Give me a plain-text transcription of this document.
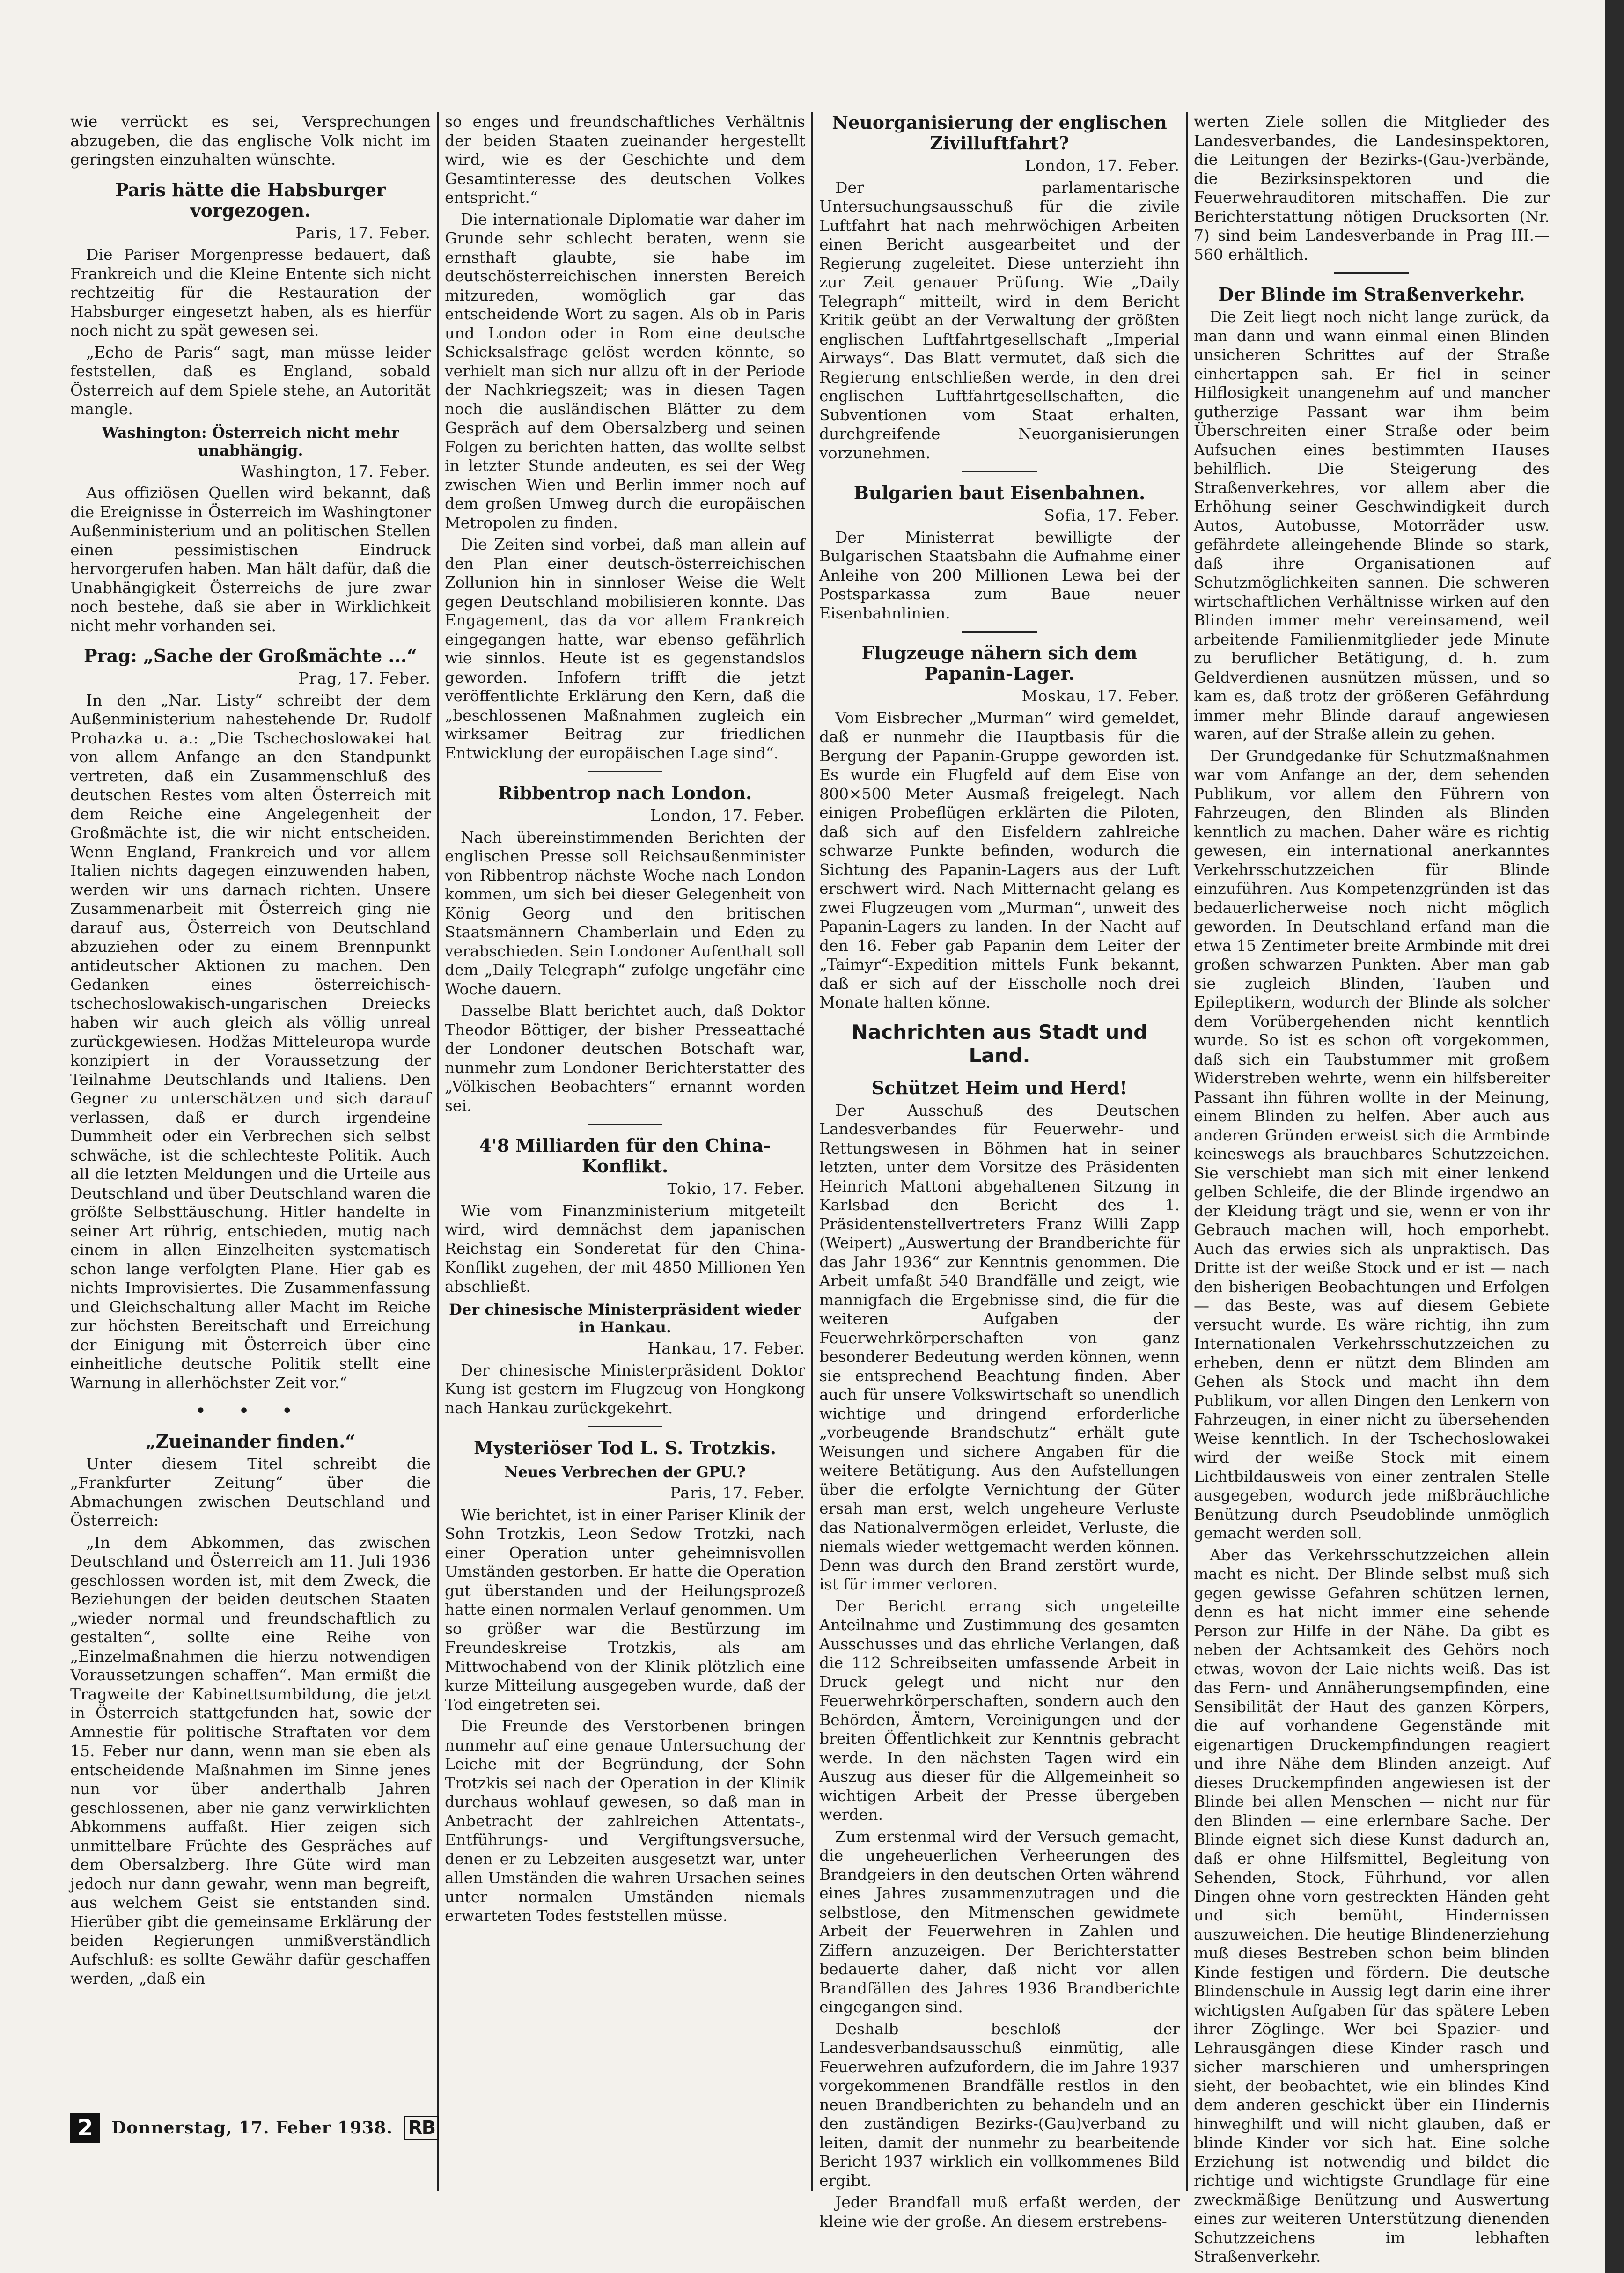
wie verrückt es sei, Versprechungen abzugeben, die das englische Volk nicht im geringsten einzuhalten wünschte.

Paris hätte die Habsburger vorgezogen.
Paris, 17. Feber.

Die Pariser Morgenpresse bedauert, daß Frankreich und die Kleine Entente sich nicht rechtzeitig für die Restauration der Habsburger eingesetzt haben, als es hierfür noch nicht zu spät gewesen sei.

„Echo de Paris“ sagt, man müsse leider feststellen, daß es England, sobald Österreich auf dem Spiele stehe, an Autorität mangle.

Washington: Österreich nicht mehr unabhängig.
Washington, 17. Feber.

Aus offiziösen Quellen wird bekannt, daß die Ereignisse in Österreich im Washingtoner Außenministerium und an politischen Stellen einen pessimistischen Eindruck hervorgerufen haben. Man hält dafür, daß die Unabhängigkeit Österreichs de jure zwar noch bestehe, daß sie aber in Wirklichkeit nicht mehr vorhanden sei.

Prag: „Sache der Großmächte ...“
Prag, 17. Feber.

In den „Nar. Listy“ schreibt der dem Außenministerium nahestehende Dr. Rudolf Prohazka u. a.: „Die Tschechoslowakei hat von allem Anfange an den Standpunkt vertreten, daß ein Zusammenschluß des deutschen Restes vom alten Österreich mit dem Reiche eine Angelegenheit der Großmächte ist, die wir nicht entscheiden. Wenn England, Frankreich und vor allem Italien nichts dagegen einzuwenden haben, werden wir uns darnach richten. Unsere Zusammenarbeit mit Österreich ging nie darauf aus, Österreich von Deutschland abzuziehen oder zu einem Brennpunkt antideutscher Aktionen zu machen. Den Gedanken eines österreichisch-tschechoslowakisch-ungarischen Dreiecks haben wir auch gleich als völlig unreal zurückgewiesen. Hodžas Mitteleuropa wurde konzipiert in der Voraussetzung der Teilnahme Deutschlands und Italiens. Den Gegner zu unterschätzen und sich darauf verlassen, daß er durch irgendeine Dummheit oder ein Verbrechen sich selbst schwäche, ist die schlechteste Politik. Auch all die letzten Meldungen und die Urteile aus Deutschland und über Deutschland waren die größte Selbsttäuschung. Hitler handelte in seiner Art rührig, entschieden, mutig nach einem in allen Einzelheiten systematisch schon lange verfolgten Plane. Hier gab es nichts Improvisiertes. Die Zusammenfassung und Gleichschaltung aller Macht im Reiche zur höchsten Bereitschaft und Erreichung der Einigung mit Österreich über eine einheitliche deutsche Politik stellt eine Warnung in allerhöchster Zeit vor.“

• • •
„Zueinander finden.“

Unter diesem Titel schreibt die „Frankfurter Zeitung“ über die Abmachungen zwischen Deutschland und Österreich:

„In dem Abkommen, das zwischen Deutschland und Österreich am 11. Juli 1936 geschlossen worden ist, mit dem Zweck, die Beziehungen der beiden deutschen Staaten „wieder normal und freundschaftlich zu gestalten“, sollte eine Reihe von „Einzelmaßnahmen die hierzu notwendigen Voraussetzungen schaffen“. Man ermißt die Tragweite der Kabinettsumbildung, die jetzt in Österreich stattgefunden hat, sowie der Amnestie für politische Straftaten vor dem 15. Feber nur dann, wenn man sie eben als entscheidende Maßnahmen im Sinne jenes nun vor über anderthalb Jahren geschlossenen, aber nie ganz verwirklichten Abkommens auffaßt. Hier zeigen sich unmittelbare Früchte des Gespräches auf dem Obersalzberg. Ihre Güte wird man jedoch nur dann gewahr, wenn man begreift, aus welchem Geist sie entstanden sind. Hierüber gibt die gemeinsame Erklärung der beiden Regierungen unmißverständlich Aufschluß: es sollte Gewähr dafür geschaffen werden, „daß ein

so enges und freundschaftliches Verhältnis der beiden Staaten zueinander hergestellt wird, wie es der Geschichte und dem Gesamtinteresse des deutschen Volkes entspricht.“

Die internationale Diplomatie war daher im Grunde sehr schlecht beraten, wenn sie ernsthaft glaubte, sie habe im deutschösterreichischen innersten Bereich mitzureden, womöglich gar das entscheidende Wort zu sagen. Als ob in Paris und London oder in Rom eine deutsche Schicksalsfrage gelöst werden könnte, so verhielt man sich nur allzu oft in der Periode der Nachkriegszeit; was in diesen Tagen noch die ausländischen Blätter zu dem Gespräch auf dem Obersalzberg und seinen Folgen zu berichten hatten, das wollte selbst in letzter Stunde andeuten, es sei der Weg zwischen Wien und Berlin immer noch auf dem großen Umweg durch die europäischen Metropolen zu finden.

Die Zeiten sind vorbei, daß man allein auf den Plan einer deutsch-österreichischen Zollunion hin in sinnloser Weise die Welt gegen Deutschland mobilisieren konnte. Das Engagement, das da vor allem Frankreich eingegangen hatte, war ebenso gefährlich wie sinnlos. Heute ist es gegenstandslos geworden. Infofern trifft die jetzt veröffentlichte Erklärung den Kern, daß die „beschlossenen Maßnahmen zugleich ein wirksamer Beitrag zur friedlichen Entwicklung der europäischen Lage sind“.

Ribbentrop nach London.
London, 17. Feber.

Nach übereinstimmenden Berichten der englischen Presse soll Reichsaußenminister von Ribbentrop nächste Woche nach London kommen, um sich bei dieser Gelegenheit von König Georg und den britischen Staatsmännern Chamberlain und Eden zu verabschieden. Sein Londoner Aufenthalt soll dem „Daily Telegraph“ zufolge ungefähr eine Woche dauern.

Dasselbe Blatt berichtet auch, daß Doktor Theodor Böttiger, der bisher Presseattaché der Londoner deutschen Botschaft war, nunmehr zum Londoner Berichterstatter des „Völkischen Beobachters“ ernannt worden sei.

4'8 Milliarden für den China-Konflikt.
Tokio, 17. Feber.

Wie vom Finanzministerium mitgeteilt wird, wird demnächst dem japanischen Reichstag ein Sonderetat für den China-Konflikt zugehen, der mit 4850 Millionen Yen abschließt.

Der chinesische Ministerpräsident wieder in Hankau.
Hankau, 17. Feber.

Der chinesische Ministerpräsident Doktor Kung ist gestern im Flugzeug von Hongkong nach Hankau zurückgekehrt.

Mysteriöser Tod L. S. Trotzkis.
Neues Verbrechen der GPU.?
Paris, 17. Feber.

Wie berichtet, ist in einer Pariser Klinik der Sohn Trotzkis, Leon Sedow Trotzki, nach einer Operation unter geheimnisvollen Umständen gestorben. Er hatte die Operation gut überstanden und der Heilungsprozeß hatte einen normalen Verlauf genommen. Um so größer war die Bestürzung im Freundeskreise Trotzkis, als am Mittwochabend von der Klinik plötzlich eine kurze Mitteilung ausgegeben wurde, daß der Tod eingetreten sei.

Die Freunde des Verstorbenen bringen nunmehr auf eine genaue Untersuchung der Leiche mit der Begründung, der Sohn Trotzkis sei nach der Operation in der Klinik durchaus wohlauf gewesen, so daß man in Anbetracht der zahlreichen Attentats-, Entführungs- und Vergiftungsversuche, denen er zu Lebzeiten ausgesetzt war, unter allen Umständen die wahren Ursachen seines unter normalen Umständen niemals erwarteten Todes feststellen müsse.

Neuorganisierung der englischen Zivilluftfahrt?
London, 17. Feber.

Der parlamentarische Untersuchungsausschuß für die zivile Luftfahrt hat nach mehrwöchigen Arbeiten einen Bericht ausgearbeitet und der Regierung zugeleitet. Diese unterzieht ihn zur Zeit genauer Prüfung. Wie „Daily Telegraph“ mitteilt, wird in dem Bericht Kritik geübt an der Verwaltung der größten englischen Luftfahrtgesellschaft „Imperial Airways“. Das Blatt vermutet, daß sich die Regierung entschließen werde, in den drei englischen Luftfahrtgesellschaften, die Subventionen vom Staat erhalten, durchgreifende Neuorganisierungen vorzunehmen.

Bulgarien baut Eisenbahnen.
Sofia, 17. Feber.

Der Ministerrat bewilligte der Bulgarischen Staatsbahn die Aufnahme einer Anleihe von 200 Millionen Lewa bei der Postsparkassa zum Baue neuer Eisenbahnlinien.

Flugzeuge nähern sich dem Papanin-Lager.
Moskau, 17. Feber.

Vom Eisbrecher „Murman“ wird gemeldet, daß er nunmehr die Hauptbasis für die Bergung der Papanin-Gruppe geworden ist. Es wurde ein Flugfeld auf dem Eise von 800×500 Meter Ausmaß freigelegt. Nach einigen Probeflügen erklärten die Piloten, daß sich auf den Eisfeldern zahlreiche schwarze Punkte befinden, wodurch die Sichtung des Papanin-Lagers aus der Luft erschwert wird. Nach Mitternacht gelang es zwei Flugzeugen vom „Murman“, unweit des Papanin-Lagers zu landen. In der Nacht auf den 16. Feber gab Papanin dem Leiter der „Taimyr“-Expedition mittels Funk bekannt, daß er sich auf der Eisscholle noch drei Monate halten könne.

Nachrichten aus Stadt und Land.
Schützet Heim und Herd!

Der Ausschuß des Deutschen Landesverbandes für Feuerwehr- und Rettungswesen in Böhmen hat in seiner letzten, unter dem Vorsitze des Präsidenten Heinrich Mattoni abgehaltenen Sitzung in Karlsbad den Bericht des 1. Präsidentenstellvertreters Franz Willi Zapp (Weipert) „Auswertung der Brandberichte für das Jahr 1936“ zur Kenntnis genommen. Die Arbeit umfaßt 540 Brandfälle und zeigt, wie mannigfach die Ergebnisse sind, die für die weiteren Aufgaben der Feuerwehrkörperschaften von ganz besonderer Bedeutung werden können, wenn sie entsprechend Beachtung finden. Aber auch für unsere Volkswirtschaft so unendlich wichtige und dringend erforderliche „vorbeugende Brandschutz“ erhält gute Weisungen und sichere Angaben für die weitere Betätigung. Aus den Aufstellungen über die erfolgte Vernichtung der Güter ersah man erst, welch ungeheure Verluste das Nationalvermögen erleidet, Verluste, die niemals wieder wettgemacht werden können. Denn was durch den Brand zerstört wurde, ist für immer verloren.

Der Bericht errang sich ungeteilte Anteilnahme und Zustimmung des gesamten Ausschusses und das ehrliche Verlangen, daß die 112 Schreibseiten umfassende Arbeit in Druck gelegt und nicht nur den Feuerwehrkörperschaften, sondern auch den Behörden, Ämtern, Vereinigungen und der breiten Öffentlichkeit zur Kenntnis gebracht werde. In den nächsten Tagen wird ein Auszug aus dieser für die Allgemeinheit so wichtigen Arbeit der Presse übergeben werden.

Zum erstenmal wird der Versuch gemacht, die ungeheuerlichen Verheerungen des Brandgeiers in den deutschen Orten während eines Jahres zusammenzutragen und die selbstlose, den Mitmenschen gewidmete Arbeit der Feuerwehren in Zahlen und Ziffern anzuzeigen. Der Berichterstatter bedauerte daher, daß nicht vor allen Brandfällen des Jahres 1936 Brandberichte eingegangen sind.

Deshalb beschloß der Landesverbandsausschuß einmütig, alle Feuerwehren aufzufordern, die im Jahre 1937 vorgekommenen Brandfälle restlos in den neuen Brandberichten zu behandeln und an den zuständigen Bezirks-(Gau)verband zu leiten, damit der nunmehr zu bearbeitende Bericht 1937 wirklich ein vollkommenes Bild ergibt.

Jeder Brandfall muß erfaßt werden, der kleine wie der große. An diesem erstrebens-

werten Ziele sollen die Mitglieder des Landesverbandes, die Landesinspektoren, die Leitungen der Bezirks-(Gau-)verbände, die Bezirksinspektoren und die Feuerwehrauditoren mitschaffen. Die zur Berichterstattung nötigen Drucksorten (Nr. 7) sind beim Landesverbande in Prag III.—560 erhältlich.

Der Blinde im Straßenverkehr.

Die Zeit liegt noch nicht lange zurück, da man dann und wann einmal einen Blinden unsicheren Schrittes auf der Straße einhertappen sah. Er fiel in seiner Hilflosigkeit unangenehm auf und mancher gutherzige Passant war ihm beim Überschreiten einer Straße oder beim Aufsuchen eines bestimmten Hauses behilflich. Die Steigerung des Straßenverkehres, vor allem aber die Erhöhung seiner Geschwindigkeit durch Autos, Autobusse, Motorräder usw. gefährdete alleingehende Blinde so stark, daß ihre Organisationen auf Schutzmöglichkeiten sannen. Die schweren wirtschaftlichen Verhältnisse wirken auf den Blinden immer mehr vereinsamend, weil arbeitende Familienmitglieder jede Minute zu beruflicher Betätigung, d. h. zum Geldverdienen ausnützen müssen, und so kam es, daß trotz der größeren Gefährdung immer mehr Blinde darauf angewiesen waren, auf der Straße allein zu gehen.

Der Grundgedanke für Schutzmaßnahmen war vom Anfange an der, dem sehenden Publikum, vor allem den Führern von Fahrzeugen, den Blinden als Blinden kenntlich zu machen. Daher wäre es richtig gewesen, ein international anerkanntes Verkehrsschutzzeichen für Blinde einzuführen. Aus Kompetenzgründen ist das bedauerlicherweise noch nicht möglich geworden. In Deutschland erfand man die etwa 15 Zentimeter breite Armbinde mit drei großen schwarzen Punkten. Aber man gab sie zugleich Blinden, Tauben und Epileptikern, wodurch der Blinde als solcher dem Vorübergehenden nicht kenntlich wurde. So ist es schon oft vorgekommen, daß sich ein Taubstummer mit großem Widerstreben wehrte, wenn ein hilfsbereiter Passant ihn führen wollte in der Meinung, einem Blinden zu helfen. Aber auch aus anderen Gründen erweist sich die Armbinde keineswegs als brauchbares Schutzzeichen. Sie verschiebt man sich mit einer lenkend gelben Schleife, die der Blinde irgendwo an der Kleidung trägt und sie, wenn er von ihr Gebrauch machen will, hoch emporhebt. Auch das erwies sich als unpraktisch. Das Dritte ist der weiße Stock und er ist — nach den bisherigen Beobachtungen und Erfolgen — das Beste, was auf diesem Gebiete versucht wurde. Es wäre richtig, ihn zum Internationalen Verkehrsschutzzeichen zu erheben, denn er nützt dem Blinden am Gehen als Stock und macht ihn dem Publikum, vor allen Dingen den Lenkern von Fahrzeugen, in einer nicht zu übersehenden Weise kenntlich. In der Tschechoslowakei wird der weiße Stock mit einem Lichtbildausweis von einer zentralen Stelle ausgegeben, wodurch jede mißbräuchliche Benützung durch Pseudoblinde unmöglich gemacht werden soll.

Aber das Verkehrsschutzzeichen allein macht es nicht. Der Blinde selbst muß sich gegen gewisse Gefahren schützen lernen, denn es hat nicht immer eine sehende Person zur Hilfe in der Nähe. Da gibt es neben der Achtsamkeit des Gehörs noch etwas, wovon der Laie nichts weiß. Das ist das Fern- und Annäherungsempfinden, eine Sensibilität der Haut des ganzen Körpers, die auf vorhandene Gegenstände mit eigenartigen Druckempfindungen reagiert und ihre Nähe dem Blinden anzeigt. Auf dieses Druckempfinden angewiesen ist der Blinde bei allen Menschen — nicht nur für den Blinden — eine erlernbare Sache. Der Blinde eignet sich diese Kunst dadurch an, daß er ohne Hilfsmittel, Begleitung von Sehenden, Stock, Führhund, vor allen Dingen ohne vorn gestreckten Händen geht und sich bemüht, Hindernissen auszuweichen. Die heutige Blindenerziehung muß dieses Bestreben schon beim blinden Kinde festigen und fördern. Die deutsche Blindenschule in Aussig legt darin eine ihrer wichtigsten Aufgaben für das spätere Leben ihrer Zöglinge. Wer bei Spazier- und Lehrausgängen diese Kinder rasch und sicher marschieren und umherspringen sieht, der beobachtet, wie ein blindes Kind dem anderen geschickt über ein Hindernis hinweghilft und will nicht glauben, daß er blinde Kinder vor sich hat. Eine solche Erziehung ist notwendig und bildet die richtige und wichtigste Grundlage für eine zweckmäßige Benützung und Auswertung eines zur weiteren Unterstützung dienenden Schutzzeichens im lebhaften Straßenverkehr.

2	Donnerstag, 17. Feber 1938. RB
